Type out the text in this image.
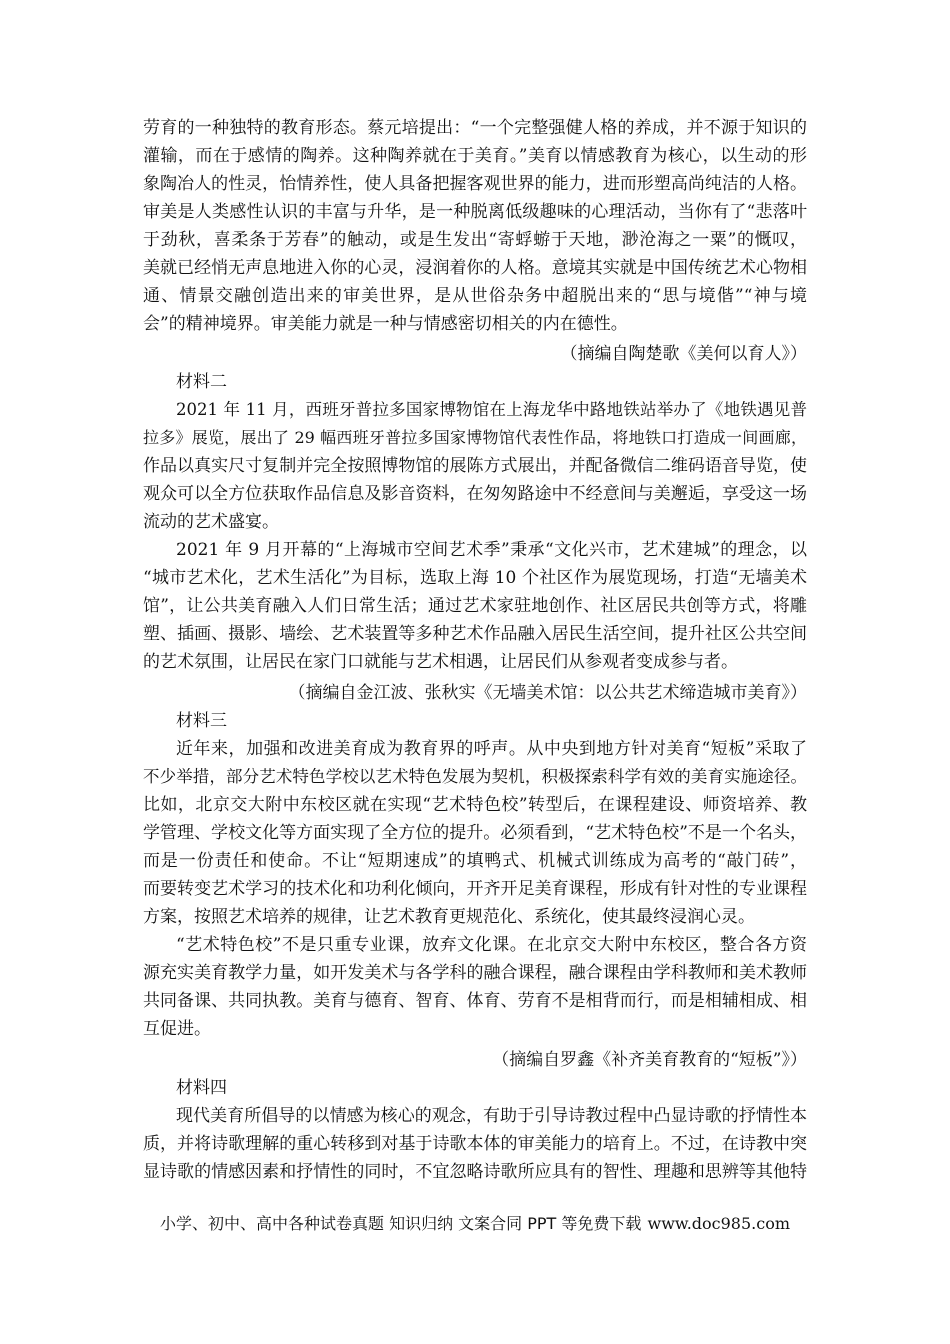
劳育的一种独特的教育形态。蔡元培提出：“一个完整强健人格的养成，并不源于知识的
灌输，而在于感情的陶养。这种陶养就在于美育。”美育以情感教育为核心，以生动的形
象陶冶人的性灵，怡情养性，使人具备把握客观世界的能力，进而形塑高尚纯洁的人格。
审美是人类感性认识的丰富与升华，是一种脱离低级趣味的心理活动，当你有了“悲落叶
于劲秋，喜柔条于芳春”的触动，或是生发出“寄蜉蝣于天地，渺沧海之一粟”的慨叹，
美就已经悄无声息地进入你的心灵，浸润着你的人格。意境其实就是中国传统艺术心物相
通、情景交融创造出来的审美世界，是从世俗杂务中超脱出来的“思与境偕”“神与境
会”的精神境界。审美能力就是一种与情感密切相关的内在德性。
（摘编自陶楚歌《美何以育人》）
材料二
2021 年 11 月，西班牙普拉多国家博物馆在上海龙华中路地铁站举办了《地铁遇见普
拉多》展览，展出了 29 幅西班牙普拉多国家博物馆代表性作品，将地铁口打造成一间画廊，
作品以真实尺寸复制并完全按照博物馆的展陈方式展出，并配备微信二维码语音导览，使
观众可以全方位获取作品信息及影音资料，在匆匆路途中不经意间与美邂逅，享受这一场
流动的艺术盛宴。
2021 年 9 月开幕的“上海城市空间艺术季”秉承“文化兴市，艺术建城”的理念，以
“城市艺术化，艺术生活化”为目标，选取上海 10 个社区作为展览现场，打造“无墙美术
馆”，让公共美育融入人们日常生活；通过艺术家驻地创作、社区居民共创等方式，将雕
塑、插画、摄影、墙绘、艺术装置等多种艺术作品融入居民生活空间，提升社区公共空间
的艺术氛围，让居民在家门口就能与艺术相遇，让居民们从参观者变成参与者。
（摘编自金江波、张秋实《无墙美术馆：以公共艺术缔造城市美育》）
材料三
近年来，加强和改进美育成为教育界的呼声。从中央到地方针对美育“短板”采取了
不少举措，部分艺术特色学校以艺术特色发展为契机，积极探索科学有效的美育实施途径。
比如，北京交大附中东校区就在实现“艺术特色校”转型后，在课程建设、师资培养、教
学管理、学校文化等方面实现了全方位的提升。必须看到，“艺术特色校”不是一个名头，
而是一份责任和使命。不让“短期速成”的填鸭式、机械式训练成为高考的“敲门砖”，
而要转变艺术学习的技术化和功利化倾向，开齐开足美育课程，形成有针对性的专业课程
方案，按照艺术培养的规律，让艺术教育更规范化、系统化，使其最终浸润心灵。
“艺术特色校”不是只重专业课，放弃文化课。在北京交大附中东校区，整合各方资
源充实美育教学力量，如开发美术与各学科的融合课程，融合课程由学科教师和美术教师
共同备课、共同执教。美育与德育、智育、体育、劳育不是相背而行，而是相辅相成、相
互促进。
（摘编自罗鑫《补齐美育教育的“短板”》）
材料四
现代美育所倡导的以情感为核心的观念，有助于引导诗教过程中凸显诗歌的抒情性本
质，并将诗歌理解的重心转移到对基于诗歌本体的审美能力的培育上。不过，在诗教中突
显诗歌的情感因素和抒情性的同时，不宜忽略诗歌所应具有的智性、理趣和思辨等其他特
小学、初中、高中各种试卷真题 知识归纳 文案合同 PPT 等免费下载 www.doc985.com
